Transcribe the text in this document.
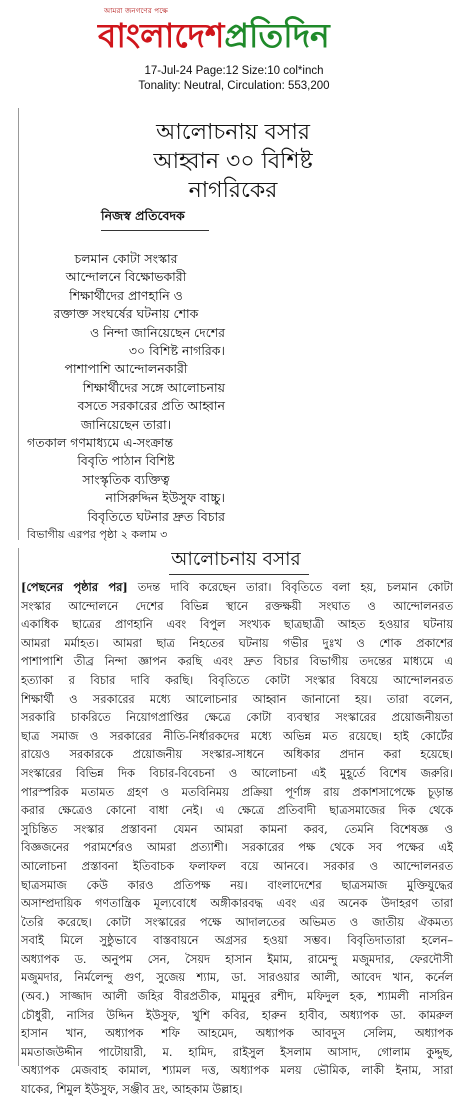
আমরা জনগণের পক্ষে
বাংলাদেশপ্রতিদিন
17-Jul-24 Page:12 Size:10 col*inch
Tonality: Neutral, Circulation: 553,200
আলোচনায় বসার
আহ্বান ৩০ বিশিষ্ট
নাগরিকের
নিজস্ব প্রতিবেদক
চলমান কোটা সংস্কার
আন্দোলনে বিক্ষোভকারী
শিক্ষার্থীদের প্রাণহানি ও
রক্তাক্ত সংঘর্ষের ঘটনায় শোক
ও নিন্দা জানিয়েছেন দেশের
৩০ বিশিষ্ট নাগরিক।
পাশাপাশি আন্দোলনকারী
শিক্ষার্থীদের সঙ্গে আলোচনায়
বসতে সরকারের প্রতি আহ্বান
জানিয়েছেন তারা।
গতকাল গণমাধ্যমে এ-সংক্রান্ত
বিবৃতি পাঠান বিশিষ্ট
সাংস্কৃতিক ব্যক্তিত্ব
নাসিরুদ্দিন ইউসুফ বাচ্চু।
বিবৃতিতে ঘটনার দ্রুত বিচার
বিভাগীয় এরপর পৃষ্ঠা ২ কলাম ৩
আলোচনায় বসার
[পেছনের পৃষ্ঠার পর] তদন্ত দাবি করেছেন তারা। বিবৃতিতে বলা হয়, চলমান কোটা
সংস্কার আন্দোলনে দেশের বিভিন্ন স্থানে রক্তক্ষয়ী সংঘাত ও আন্দোলনরত
একাধিক ছাত্রের প্রাণহানি এবং বিপুল সংখ্যক ছাত্রছাত্রী আহত হওয়ার ঘটনায়
আমরা মর্মাহত। আমরা ছাত্র নিহতের ঘটনায় গভীর দুঃখ ও শোক প্রকাশের
পাশাপাশি তীব্র নিন্দা জ্ঞাপন করছি এবং দ্রুত বিচার বিভাগীয় তদন্তের মাধ্যমে এ
হত্যাকা র বিচার দাবি করছি। বিবৃতিতে কোটা সংস্কার বিষয়ে আন্দোলনরত
শিক্ষার্থী ও সরকারের মধ্যে আলোচনার আহ্বান জানানো হয়। তারা বলেন,
সরকারি চাকরিতে নিয়োগপ্রাপ্তির ক্ষেত্রে কোটা ব্যবস্থার সংস্কারের প্রয়োজনীয়তা
ছাত্র সমাজ ও সরকারের নীতি-নির্ধারকদের মধ্যে অভিন্ন মত রয়েছে। হাই কোর্টের
রায়েও সরকারকে প্রয়োজনীয় সংস্কার-সাধনে অধিকার প্রদান করা হয়েছে।
সংস্কারের বিভিন্ন দিক বিচার-বিবেচনা ও আলোচনা এই মুহূর্তে বিশেষ জরুরি।
পারস্পরিক মতামত গ্রহণ ও মতবিনিময় প্রক্রিয়া পূর্ণাঙ্গ রায় প্রকাশসাপেক্ষে চূড়ান্ত
করার ক্ষেত্রেও কোনো বাধা নেই। এ ক্ষেত্রে প্রতিবাদী ছাত্রসমাজের দিক থেকে
সুচিন্তিত সংস্কার প্রস্তাবনা যেমন আমরা কামনা করব, তেমনি বিশেষজ্ঞ ও
বিজ্ঞজনের পরামর্শেরও আমরা প্রত্যাশী। সরকারের পক্ষ থেকে সব পক্ষের এই
আলোচনা প্রস্তাবনা ইতিবাচক ফলাফল বয়ে আনবে। সরকার ও আন্দোলনরত
ছাত্রসমাজ কেউ কারও প্রতিপক্ষ নয়। বাংলাদেশের ছাত্রসমাজ মুক্তিযুদ্ধের
অসাম্প্রদায়িক গণতান্ত্রিক মূল্যবোধে অঙ্গীকারবদ্ধ এবং এর অনেক উদাহরণ তারা
তৈরি করেছে। কোটা সংস্কারের পক্ষে আদালতের অভিমত ও জাতীয় ঐকমত্য
সবাই মিলে সুষ্ঠুভাবে বাস্তবায়নে অগ্রসর হওয়া সম্ভব। বিবৃতিদাতারা হলেন–
অধ্যাপক ড. অনুপম সেন, সৈয়দ হাসান ইমাম, রামেন্দু মজুমদার, ফেরদৌসী
মজুমদার, নির্মলেন্দু গুণ, সুজেয় শ্যাম, ডা. সারওয়ার আলী, আবেদ খান, কর্নেল
(অব.) সাজ্জাদ আলী জহির বীরপ্রতীক, মামুনুর রশীদ, মফিদুল হক, শ্যামলী নাসরিন
চৌধুরী, নাসির উদ্দিন ইউসুফ, খুশি কবির, হারুন হাবীব, অধ্যাপক ডা. কামরুল
হাসান খান, অধ্যাপক শফি আহমেদ, অধ্যাপক আবদুস সেলিম, অধ্যাপক
মমতাজউদ্দীন পাটোয়ারী, ম. হামিদ, রাইসুল ইসলাম আসাদ, গোলাম কুদ্দুছ,
অধ্যাপক মেজবাহ কামাল, শ্যামল দত্ত, অধ্যাপক মলয় ভৌমিক, লাকী ইনাম, সারা
যাকের, শিমুল ইউসুফ, সঞ্জীব দ্রং, আহকাম উল্লাহ।
